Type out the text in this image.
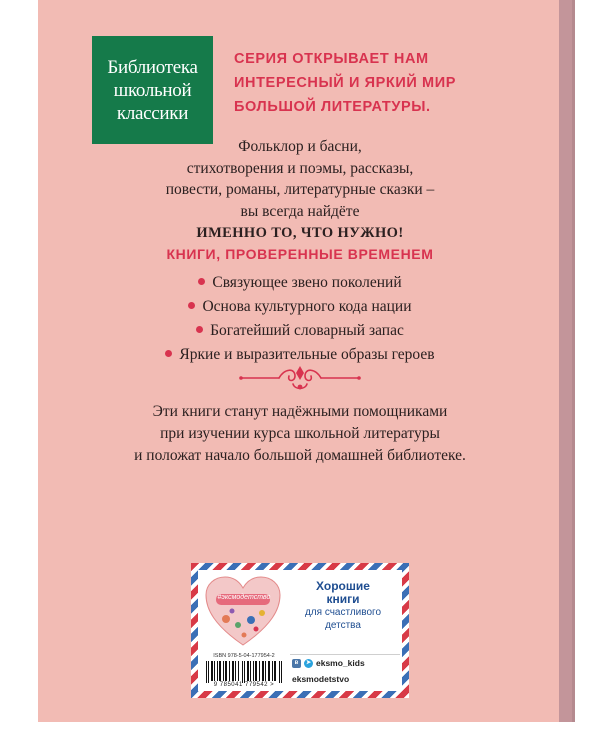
Библиотека
школьной
классики
СЕРИЯ ОТКРЫВАЕТ НАМ
ИНТЕРЕСНЫЙ И ЯРКИЙ МИР
БОЛЬШОЙ ЛИТЕРАТУРЫ.
Фольклор и басни,
стихотворения и поэмы, рассказы,
повести, романы, литературные сказки –
вы всегда найдёте
ИМЕННО ТО, ЧТО НУЖНО!
КНИГИ, ПРОВЕРЕННЫЕ ВРЕМЕНЕМ
Связующее звено поколений
Основа культурного кода нации
Богатейший словарный запас
Яркие и выразительные образы героев
Эти книги станут надёжными помощниками
при изучении курса школьной литературы
и положат начало большой домашней библиотеке.
#эксмодетство
Хорошие
книги
для счастливого
детства
ISBN 978-5-04-177954-2
9 785041 779542 >
в	➤ eksmo_kids
eksmodetstvo
